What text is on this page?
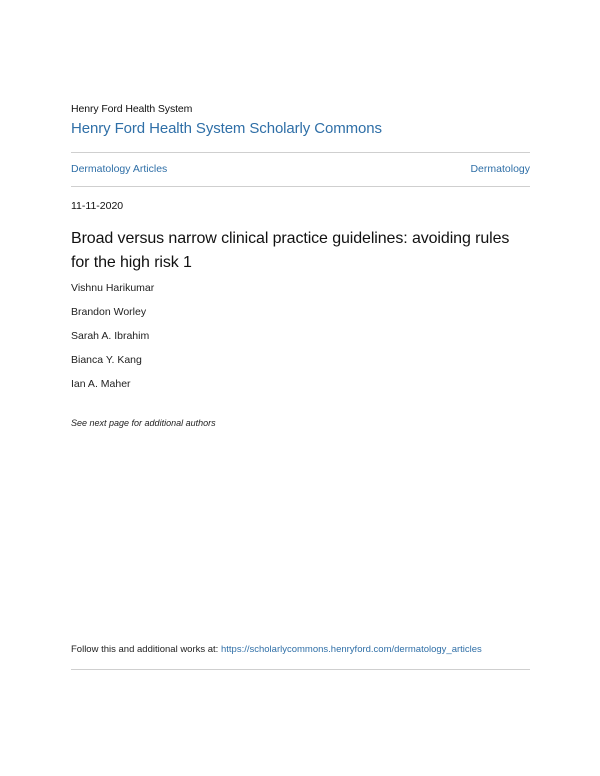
Henry Ford Health System
Henry Ford Health System Scholarly Commons
Dermatology Articles	Dermatology
11-11-2020
Broad versus narrow clinical practice guidelines: avoiding rules for the high risk 1
Vishnu Harikumar
Brandon Worley
Sarah A. Ibrahim
Bianca Y. Kang
Ian A. Maher
See next page for additional authors
Follow this and additional works at: https://scholarlycommons.henryford.com/dermatology_articles
